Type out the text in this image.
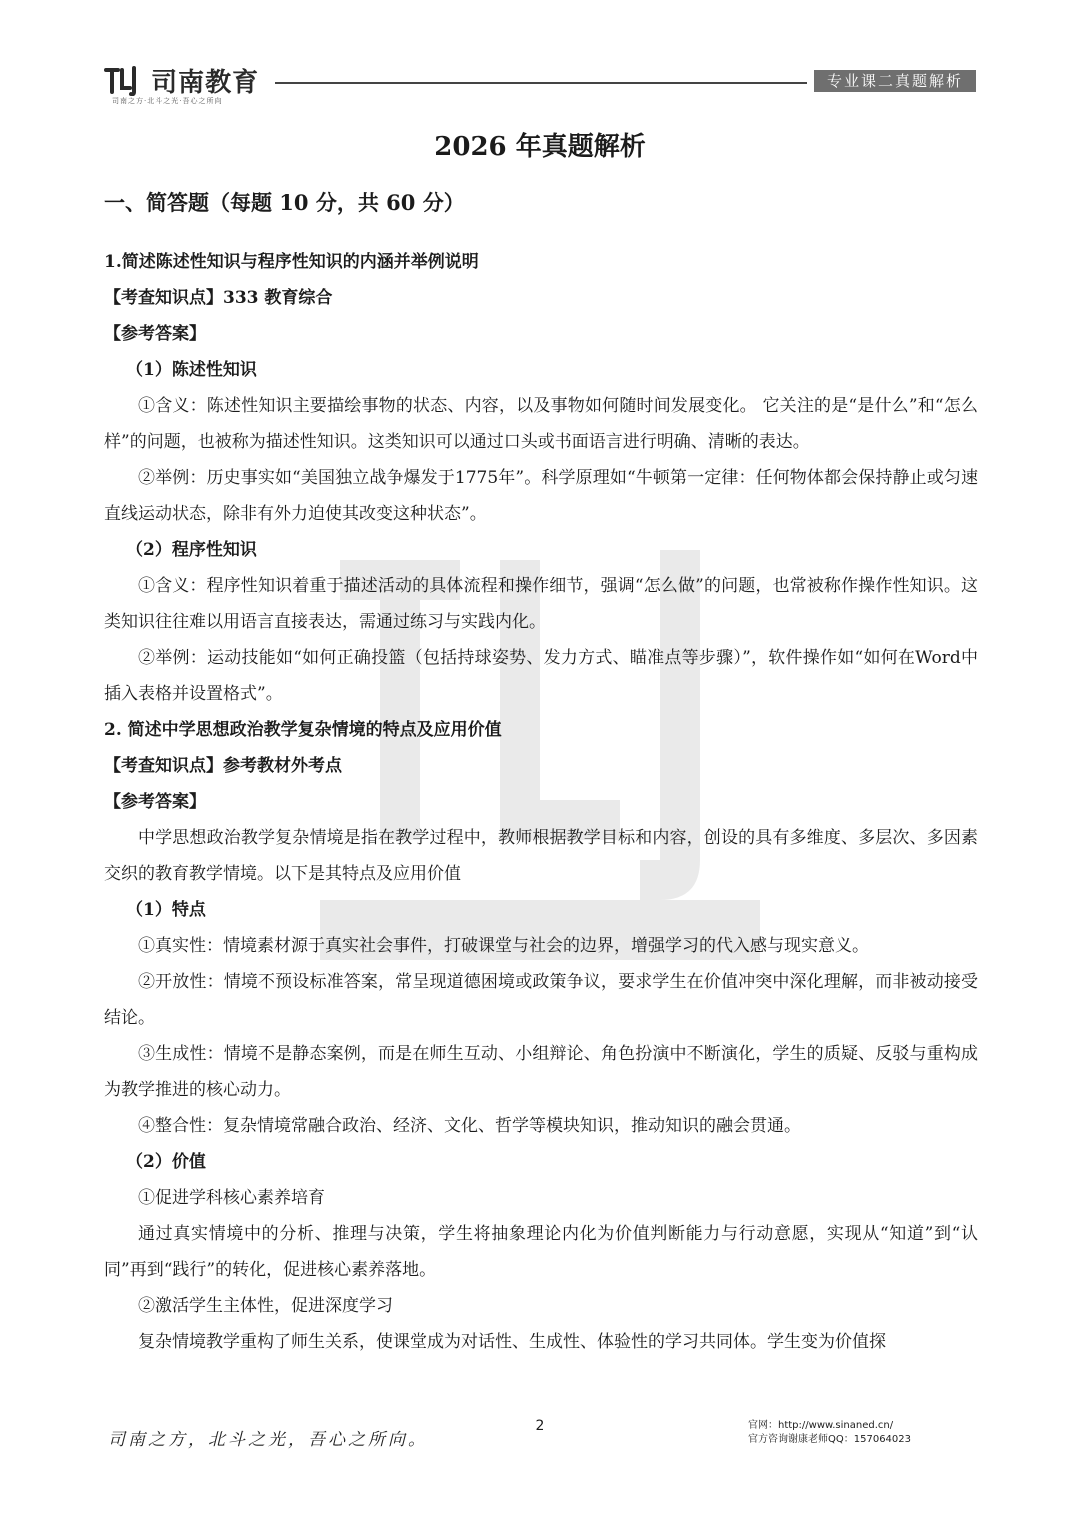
司南教育
司南之方·北斗之光·吾心之所向
专业课二真题解析
2026 年真题解析
一、简答题（每题 10 分，共 60 分）
1.简述陈述性知识与程序性知识的内涵并举例说明
【考查知识点】333 教育综合
【参考答案】
（1）陈述性知识

①含义：陈述性知识主要描绘事物的状态、内容，以及事物如何随时间发展变化。 它关注的是“是什么”和“怎么样”的问题，也被称为描述性知识。这类知识可以通过口头或书面语言进行明确、清晰的表达。

②举例：历史事实如“美国独立战争爆发于1775年”。科学原理如“牛顿第一定律：任何物体都会保持静止或匀速直线运动状态，除非有外力迫使其改变这种状态”。

（2）程序性知识

①含义：程序性知识着重于描述活动的具体流程和操作细节，强调“怎么做”的问题，也常被称作操作性知识。这类知识往往难以用语言直接表达，需通过练习与实践内化。

②举例：运动技能如“如何正确投篮（包括持球姿势、发力方式、瞄准点等步骤）”，软件操作如“如何在Word中插入表格并设置格式”。

2. 简述中学思想政治教学复杂情境的特点及应用价值
【考查知识点】参考教材外考点
【参考答案】

中学思想政治教学复杂情境是指在教学过程中，教师根据教学目标和内容，创设的具有多维度、多层次、多因素交织的教育教学情境。以下是其特点及应用价值

（1）特点

①真实性：情境素材源于真实社会事件，打破课堂与社会的边界，增强学习的代入感与现实意义。

②开放性：情境不预设标准答案，常呈现道德困境或政策争议，要求学生在价值冲突中深化理解，而非被动接受结论。

③生成性：情境不是静态案例，而是在师生互动、小组辩论、角色扮演中不断演化，学生的质疑、反驳与重构成为教学推进的核心动力。

④整合性：复杂情境常融合政治、经济、文化、哲学等模块知识，推动知识的融会贯通。

（2）价值

①促进学科核心素养培育

通过真实情境中的分析、推理与决策，学生将抽象理论内化为价值判断能力与行动意愿，实现从“知道”到“认同”再到“践行”的转化，促进核心素养落地。

②激活学生主体性，促进深度学习

复杂情境教学重构了师生关系，使课堂成为对话性、生成性、体验性的学习共同体。学生变为价值探

司南之方，北斗之光，吾心之所向。
2	官网：http://www.sinaned.cn/
官方咨询谢康老师QQ：157064023
